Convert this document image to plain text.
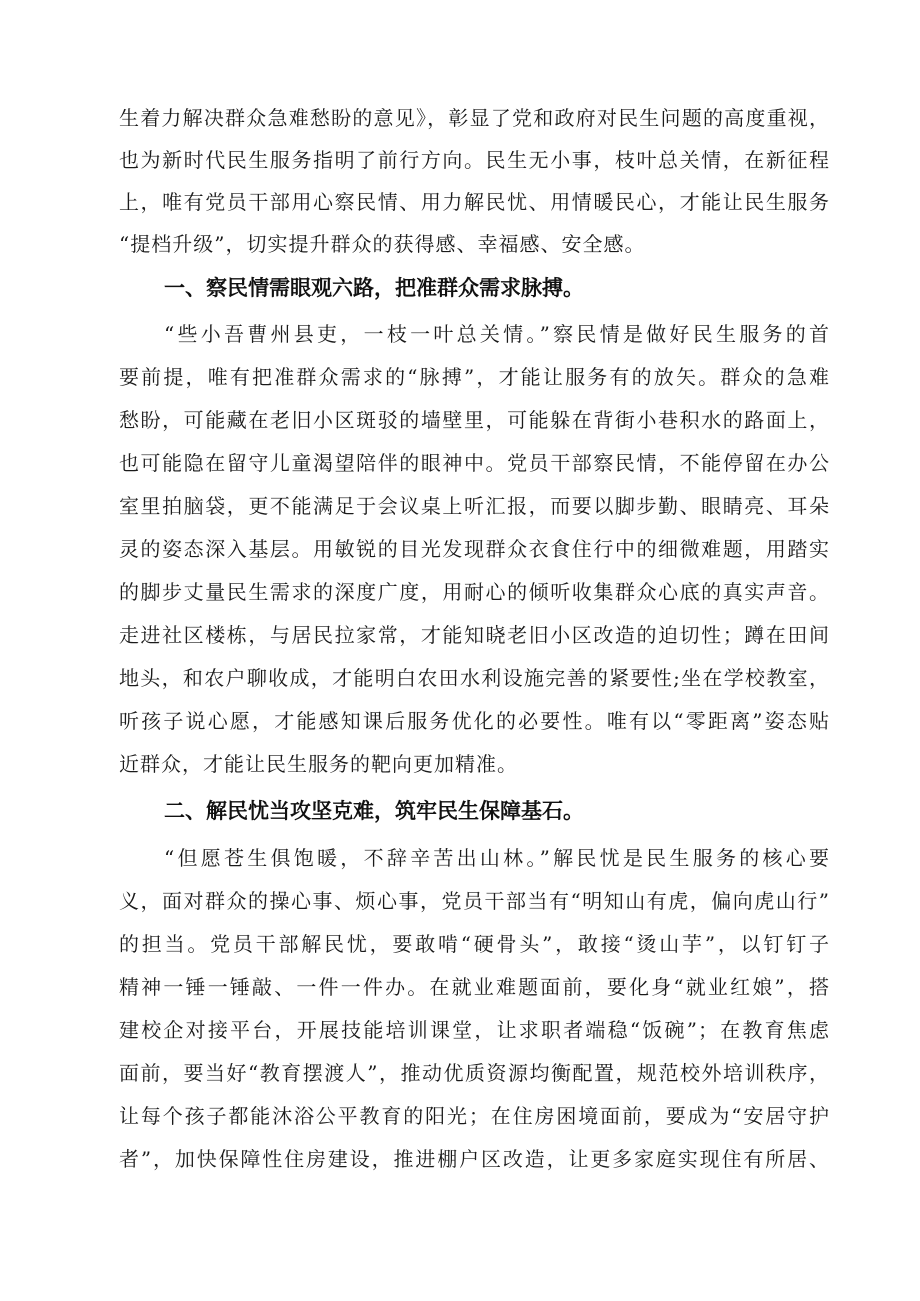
生着力解决群众急难愁盼的意见》，彰显了党和政府对民生问题的高度重视，
也为新时代民生服务指明了前行方向。民生无小事，枝叶总关情，在新征程
上，唯有党员干部用心察民情、用力解民忧、用情暖民心，才能让民生服务
“提档升级”，切实提升群众的获得感、幸福感、安全感。
一、察民情需眼观六路，把准群众需求脉搏。
“些小吾曹州县吏，一枝一叶总关情。”察民情是做好民生服务的首
要前提，唯有把准群众需求的“脉搏”，才能让服务有的放矢。群众的急难
愁盼，可能藏在老旧小区斑驳的墙壁里，可能躲在背街小巷积水的路面上，
也可能隐在留守儿童渴望陪伴的眼神中。党员干部察民情，不能停留在办公
室里拍脑袋，更不能满足于会议桌上听汇报，而要以脚步勤、眼睛亮、耳朵
灵的姿态深入基层。用敏锐的目光发现群众衣食住行中的细微难题，用踏实
的脚步丈量民生需求的深度广度，用耐心的倾听收集群众心底的真实声音。
走进社区楼栋，与居民拉家常，才能知晓老旧小区改造的迫切性；蹲在田间
地头，和农户聊收成，才能明白农田水利设施完善的紧要性;坐在学校教室，
听孩子说心愿，才能感知课后服务优化的必要性。唯有以“零距离”姿态贴
近群众，才能让民生服务的靶向更加精准。
二、解民忧当攻坚克难，筑牢民生保障基石。
“但愿苍生俱饱暖，不辞辛苦出山林。”解民忧是民生服务的核心要
义，面对群众的操心事、烦心事，党员干部当有“明知山有虎，偏向虎山行”
的担当。党员干部解民忧，要敢啃“硬骨头”，敢接“烫山芋”，以钉钉子
精神一锤一锤敲、一件一件办。在就业难题面前，要化身“就业红娘”，搭
建校企对接平台，开展技能培训课堂，让求职者端稳“饭碗”；在教育焦虑
面前，要当好“教育摆渡人”，推动优质资源均衡配置，规范校外培训秩序，
让每个孩子都能沐浴公平教育的阳光；在住房困境面前，要成为“安居守护
者”，加快保障性住房建设，推进棚户区改造，让更多家庭实现住有所居、
